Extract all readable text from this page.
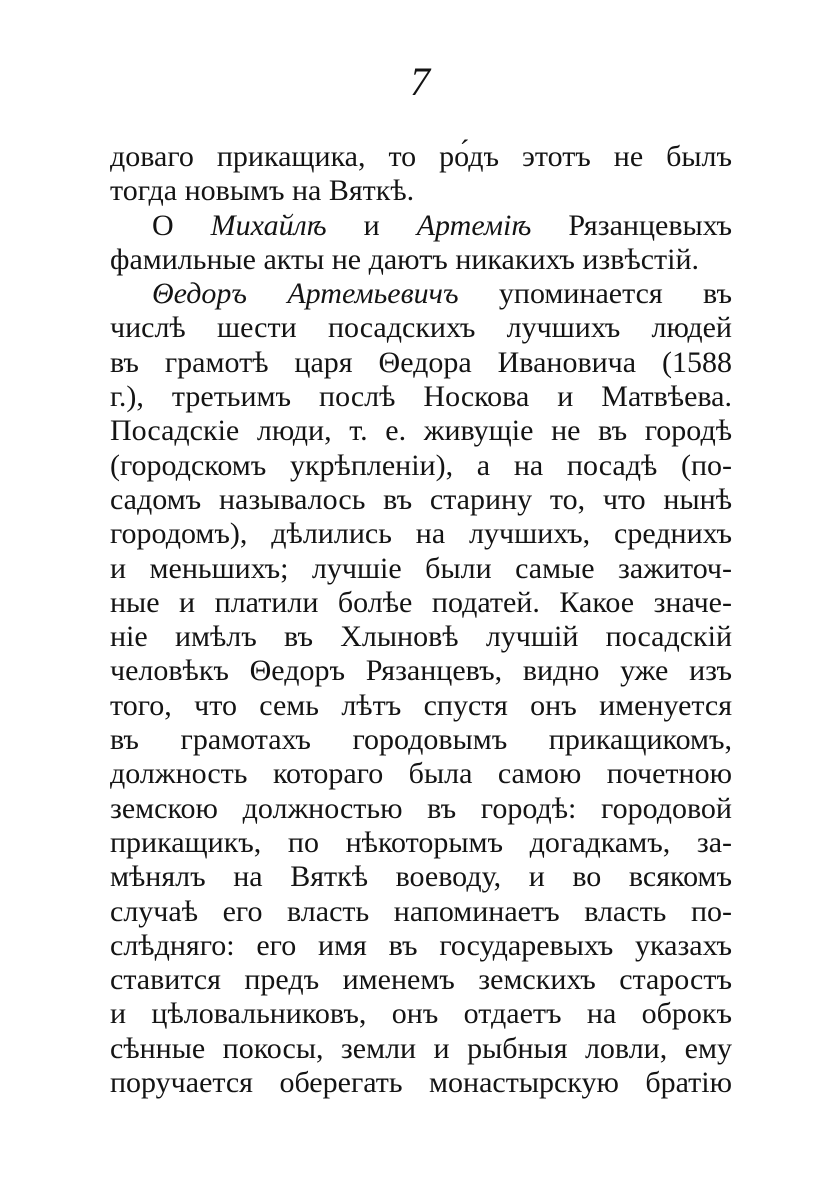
7
доваго прикащика, то ро́дъ этотъ не былъ
тогда новымъ на Вяткѣ.
О Михайлѣ и Артемiѣ Рязанцевыхъ
фамильные акты не даютъ никакихъ извѣстiй.
Θедоръ Артемьевичъ упоминается въ
числѣ шести посадскихъ лучшихъ людей
въ грамотѣ царя Θедора Ивановича (1588
г.), третьимъ послѣ Носкова и Матвѣева.
Посадскiе люди, т. е. живущiе не въ городѣ
(городскомъ укрѣпленiи), а на посадѣ (по-
садомъ называлось въ старину то, что нынѣ
городомъ), дѣлились на лучшихъ, среднихъ
и меньшихъ; лучшiе были самые зажиточ-
ные и платили болѣе податей. Какое значе-
нiе имѣлъ въ Хлыновѣ лучшiй посадскiй
человѣкъ Θедоръ Рязанцевъ, видно уже изъ
того, что семь лѣтъ спустя онъ именуется
въ грамотахъ городовымъ прикащикомъ,
должность котораго была самою почетною
земскою должностью въ городѣ: городовой
прикащикъ, по нѣкоторымъ догадкамъ, за-
мѣнялъ на Вяткѣ воеводу, и во всякомъ
случаѣ его власть напоминаетъ власть по-
слѣдняго: его имя въ государевыхъ указахъ
ставится предъ именемъ земскихъ старостъ
и цѣловальниковъ, онъ отдаетъ на оброкъ
сѣнные покосы, земли и рыбныя ловли, ему
поручается оберегать монастырскую братiю
